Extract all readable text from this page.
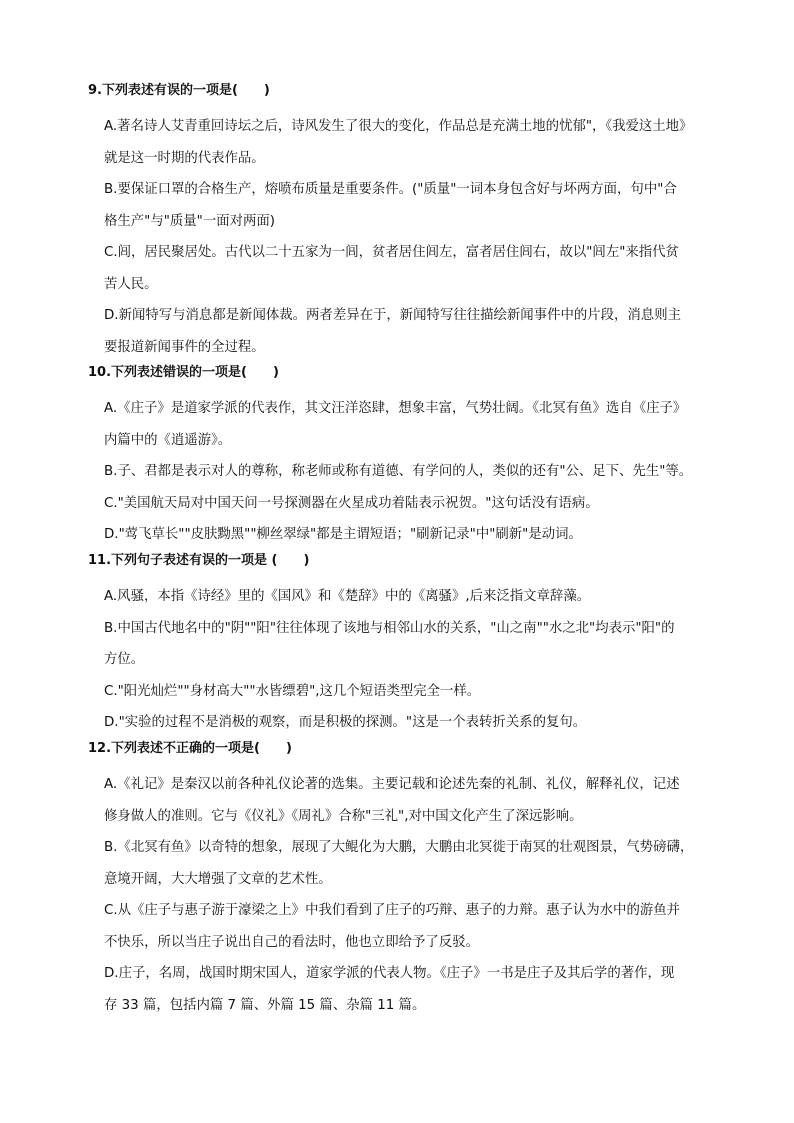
9.下列表述有误的一项是(　　)
A.著名诗人艾青重回诗坛之后，诗风发生了很大的变化，作品总是充满土地的忧郁"，《我爱这土地》
就是这一时期的代表作品。
B.要保证口罩的合格生产，熔喷布质量是重要条件。("质量"一词本身包含好与坏两方面，句中"合
格生产"与"质量"一面对两面)
C.闾，居民聚居处。古代以二十五家为一闾，贫者居住闾左，富者居住闾右，故以"闾左"来指代贫
苦人民。
D.新闻特写与消息都是新闻体裁。两者差异在于，新闻特写往往描绘新闻事件中的片段，消息则主
要报道新闻事件的全过程。
10.下列表述错误的一项是(　　)
A.《庄子》是道家学派的代表作，其文汪洋恣肆，想象丰富，气势壮阔。《北冥有鱼》选自《庄子》
内篇中的《逍遥游》。
B.子、君都是表示对人的尊称，称老师或称有道德、有学问的人，类似的还有"公、足下、先生"等。
C."美国航天局对中国天问一号探测器在火星成功着陆表示祝贺。"这句话没有语病。
D."莺飞草长""皮肤黝黑""柳丝翠绿"都是主谓短语；"刷新记录"中"刷新"是动词。
11.下列句子表述有误的一项是 (　　)
A.风骚，本指《诗经》里的《国风》和《楚辞》中的《离骚》,后来泛指文章辞藻。
B.中国古代地名中的"阴""阳"往往体现了该地与相邻山水的关系，"山之南""水之北"均表示"阳"的
方位。
C."阳光灿烂""身材高大""水皆缥碧",这几个短语类型完全一样。
D."实验的过程不是消极的观察，而是积极的探测。"这是一个表转折关系的复句。
12.下列表述不正确的一项是(　　)
A.《礼记》是秦汉以前各种礼仪论著的选集。主要记载和论述先秦的礼制、礼仪，解释礼仪，记述
修身做人的准则。它与《仪礼》《周礼》合称"三礼",对中国文化产生了深远影响。
B.《北冥有鱼》以奇特的想象，展现了大鲲化为大鹏，大鹏由北冥徙于南冥的壮观图景，气势磅礴，
意境开阔，大大增强了文章的艺术性。
C.从《庄子与惠子游于濠梁之上》中我们看到了庄子的巧辩、惠子的力辩。惠子认为水中的游鱼并
不快乐，所以当庄子说出自己的看法时，他也立即给予了反驳。
D.庄子，名周，战国时期宋国人，道家学派的代表人物。《庄子》一书是庄子及其后学的著作，现
存 33 篇，包括内篇 7 篇、外篇 15 篇、杂篇 11 篇。
